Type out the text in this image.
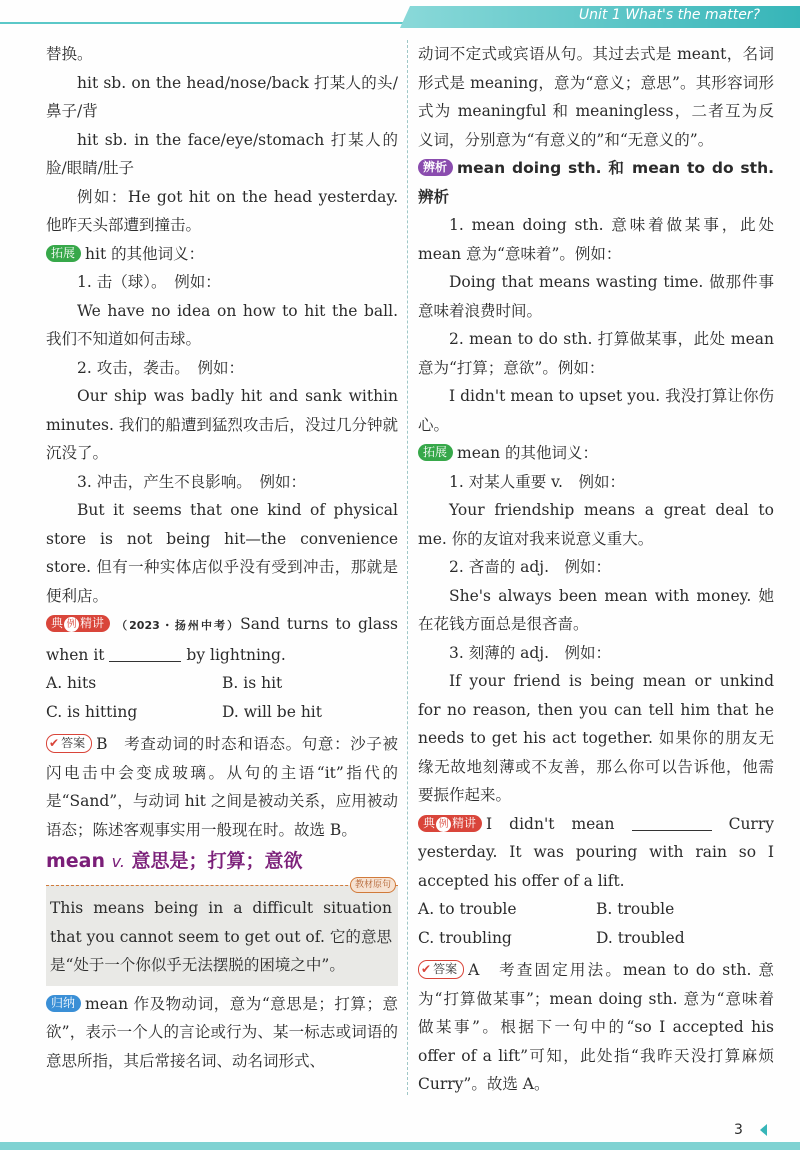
Unit 1 What's the matter?

替换。

hit sb. on the head/nose/back 打某人的头/鼻子/背

hit sb. in the face/eye/stomach 打某人的脸/眼睛/肚子

例如：He got hit on the head yesterday. 他昨天头部遭到撞击。

拓展 hit 的其他词义：

1. 击（球）。　例如：

We have no idea on how to hit the ball. 我们不知道如何击球。

2. 攻击，袭击。　例如：

Our ship was badly hit and sank within minutes. 我们的船遭到猛烈攻击后，没过几分钟就沉没了。

3. 冲击，产生不良影响。　例如：

But it seems that one kind of physical store is not being hit—the convenience store. 但有一种实体店似乎没有受到冲击，那就是便利店。

典 例 精讲 （2023・扬州中考）Sand turns to glass when it	by lightning.

A. hits	B. is hit
C. is hitting	D. will be hit

✔ 答案 B　考查动词的时态和语态。句意：沙子被闪电击中会变成玻璃。从句的主语“it”指代的是“Sand”，与动词 hit 之间是被动关系，应用被动语态；陈述客观事实用一般现在时。故选 B。

mean v. 意思是；打算；意欲
教材原句

This means being in a difficult situation that you cannot seem to get out of. 它的意思是“处于一个你似乎无法摆脱的困境之中”。

归纳 mean 作及物动词，意为“意思是；打算；意欲”，表示一个人的言论或行为、某一标志或词语的意思所指，其后常接名词、动名词形式、

动词不定式或宾语从句。其过去式是 meant，名词形式是 meaning，意为“意义；意思”。其形容词形式为 meaningful 和 meaningless，二者互为反义词，分别意为“有意义的”和“无意义的”。

辨析 mean doing sth. 和 mean to do sth. 辨析

1. mean doing sth. 意味着做某事，此处 mean 意为“意味着”。例如：

Doing that means wasting time. 做那件事意味着浪费时间。

2. mean to do sth. 打算做某事，此处 mean 意为“打算；意欲”。例如：

I didn't mean to upset you. 我没打算让你伤心。

拓展 mean 的其他词义：

1. 对某人重要 v.　例如：

Your friendship means a great deal to me. 你的友谊对我来说意义重大。

2. 吝啬的 adj.　例如：

She's always been mean with money. 她在花钱方面总是很吝啬。

3. 刻薄的 adj.　例如：

If your friend is being mean or unkind for no reason, then you can tell him that he needs to get his act together. 如果你的朋友无缘无故地刻薄或不友善，那么你可以告诉他，他需要振作起来。

典 例 精讲 I didn't mean	Curry yesterday. It was pouring with rain so I accepted his offer of a lift.

A. to trouble	B. trouble
C. troubling	D. troubled

✔ 答案 A　考查固定用法。mean to do sth. 意为“打算做某事”；mean doing sth. 意为“意味着做某事”。根据下一句中的“so I accepted his offer of a lift”可知，此处指“我昨天没打算麻烦 Curry”。故选 A。

3
